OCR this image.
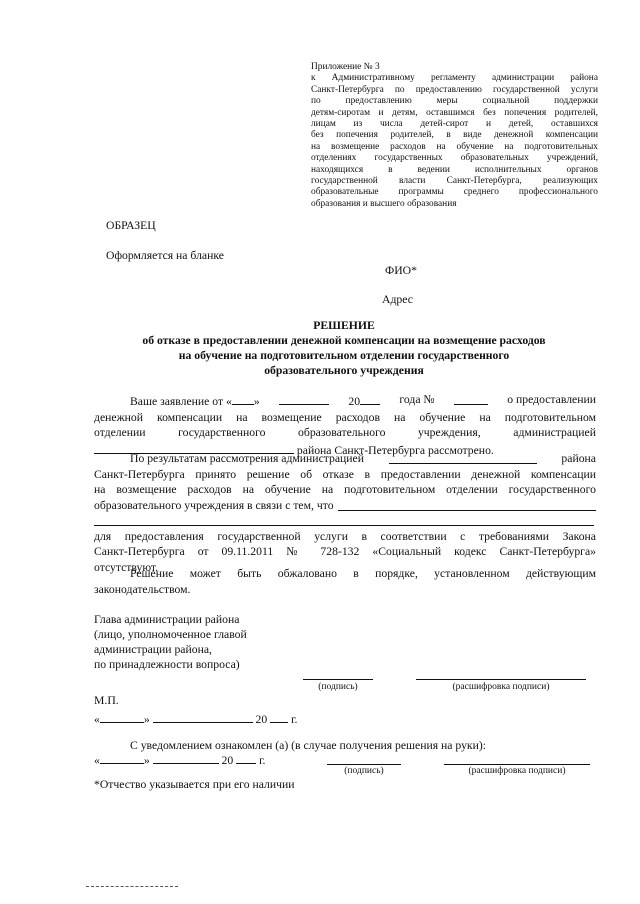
Приложение № 3
к Административному регламенту администрации района
Санкт-Петербурга по предоставлению государственной услуги
по предоставлению меры социальной поддержки
детям-сиротам и детям, оставшимся без попечения родителей,
лицам из числа детей-сирот и детей, оставшихся
без попечения родителей, в виде денежной компенсации
на возмещение расходов на обучение на подготовительных
отделениях государственных образовательных учреждений,
находящихся в ведении исполнительных органов
государственной власти Санкт-Петербурга, реализующих
образовательные программы среднего профессионального
образования и высшего образования
ОБРАЗЕЦ
Оформляется на бланке
ФИО*
Адрес
РЕШЕНИЕ
об отказе в предоставлении денежной компенсации на возмещение расходов
на обучение на подготовительном отделении государственного
образовательного учреждения
Ваше заявление от « »	20	года №	о предоставлении
денежной компенсации на возмещение расходов на обучение на подготовительном
отделении государственного образовательного учреждения, администрацией
района Санкт-Петербурга рассмотрено.
По результатам рассмотрения администрацией	района
Санкт-Петербурга принято решение об отказе в предоставлении денежной компенсации
на возмещение расходов на обучение на подготовительном отделении государственного
образовательного учреждения в связи с тем, что
для предоставления государственной услуги в соответствии с требованиями Закона
Санкт-Петербурга от 09.11.2011 № 728-132 «Социальный кодекс Санкт-Петербурга»
отсутствуют.
Решение может быть обжаловано в порядке, установленном действующим
законодательством.
Глава администрации района
(лицо, уполномоченное главой
администрации района,
по принадлежности вопроса)
(подпись)	(расшифровка подписи)
М.П.
«	»	20 г.
С уведомлением ознакомлен (а) (в случае получения решения на руки):
«	»	20 г.
(подпись)	(расшифровка подписи)
*Отчество указывается при его наличии
